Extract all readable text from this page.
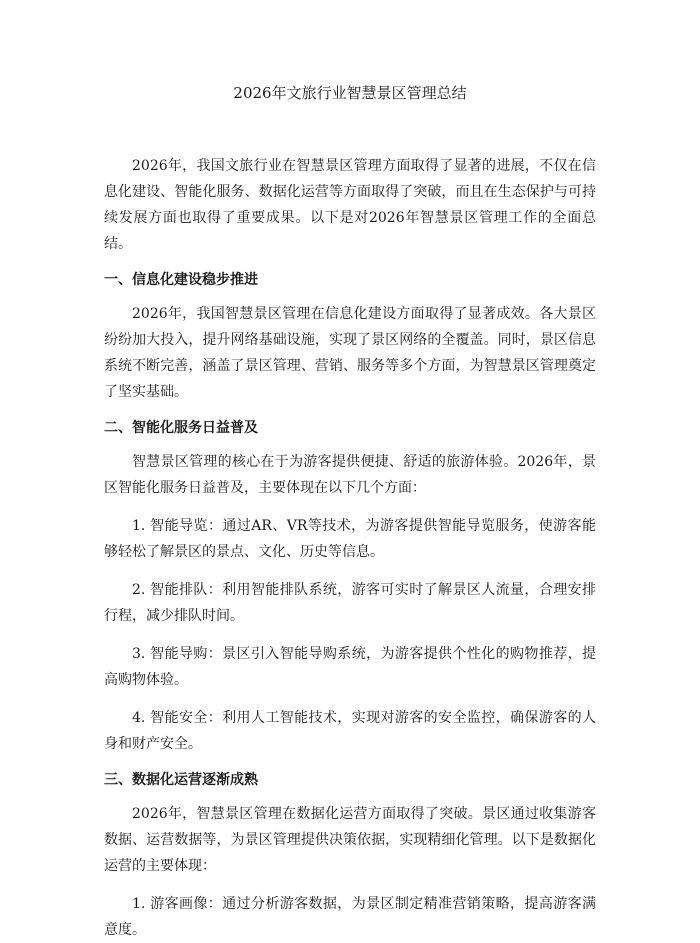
2026年文旅行业智慧景区管理总结

2026年，我国文旅行业在智慧景区管理方面取得了显著的进展，不仅在信息化建设、智能化服务、数据化运营等方面取得了突破，而且在生态保护与可持续发展方面也取得了重要成果。以下是对2026年智慧景区管理工作的全面总结。

一、信息化建设稳步推进

2026年，我国智慧景区管理在信息化建设方面取得了显著成效。各大景区纷纷加大投入，提升网络基础设施，实现了景区网络的全覆盖。同时，景区信息系统不断完善，涵盖了景区管理、营销、服务等多个方面，为智慧景区管理奠定了坚实基础。

二、智能化服务日益普及

智慧景区管理的核心在于为游客提供便捷、舒适的旅游体验。2026年，景区智能化服务日益普及，主要体现在以下几个方面：

1. 智能导览：通过AR、VR等技术，为游客提供智能导览服务，使游客能够轻松了解景区的景点、文化、历史等信息。

2. 智能排队：利用智能排队系统，游客可实时了解景区人流量，合理安排行程，减少排队时间。

3. 智能导购：景区引入智能导购系统，为游客提供个性化的购物推荐，提高购物体验。

4. 智能安全：利用人工智能技术，实现对游客的安全监控，确保游客的人身和财产安全。

三、数据化运营逐渐成熟

2026年，智慧景区管理在数据化运营方面取得了突破。景区通过收集游客数据、运营数据等，为景区管理提供决策依据，实现精细化管理。以下是数据化运营的主要体现：

1. 游客画像：通过分析游客数据，为景区制定精准营销策略，提高游客满意度。
